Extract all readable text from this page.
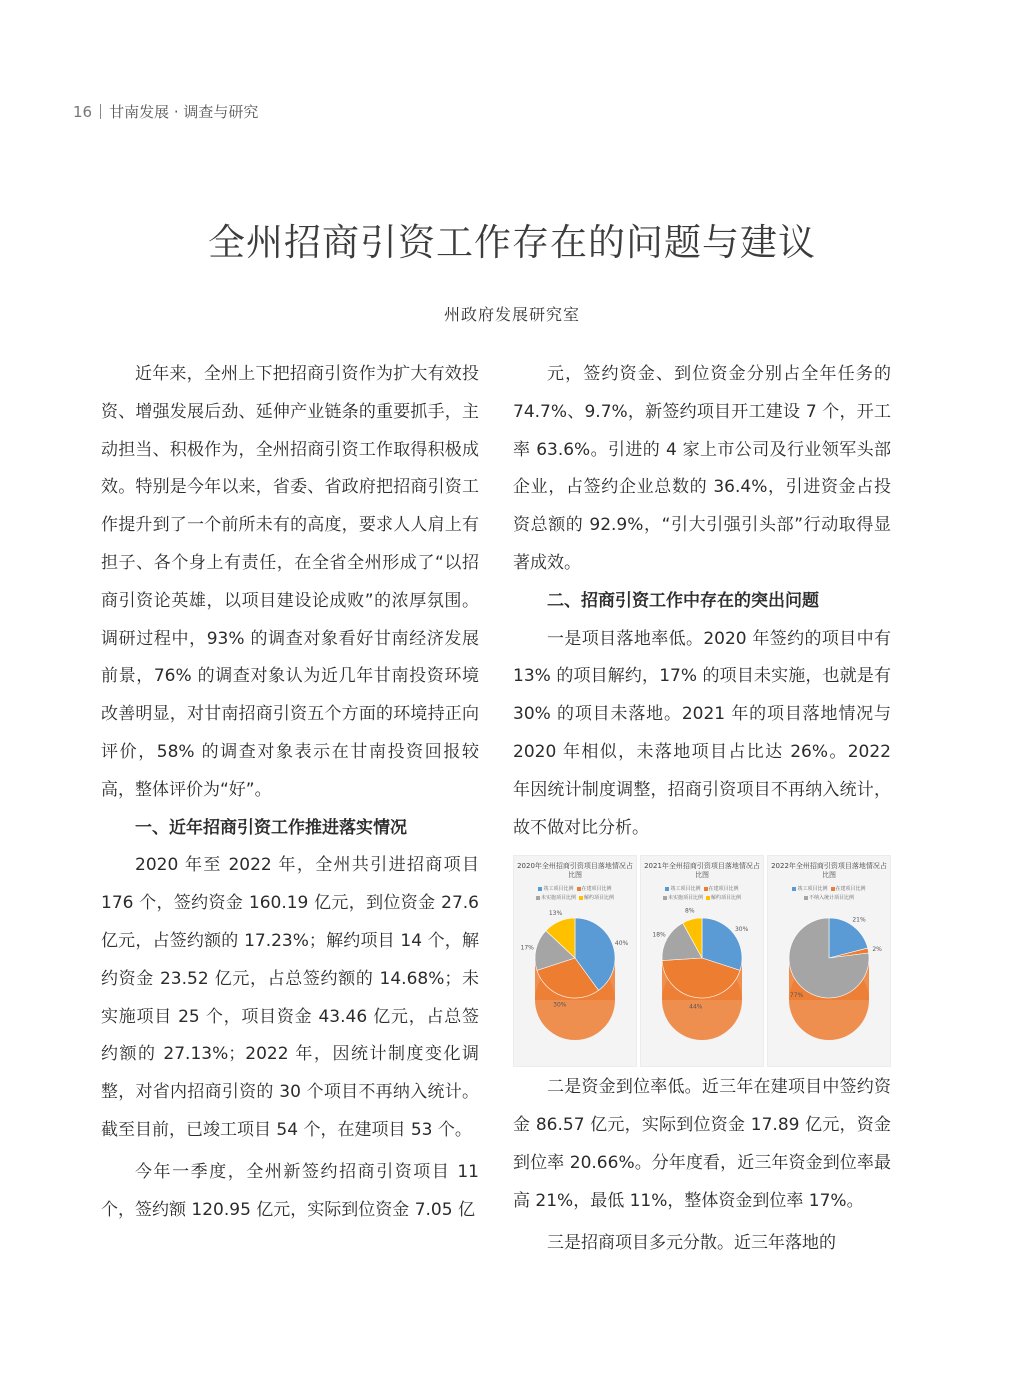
16 甘南发展 · 调查与研究
全州招商引资工作存在的问题与建议
州政府发展研究室

近年来，全州上下把招商引资作为扩大有效投资、增强发展后劲、延伸产业链条的重要抓手，主动担当、积极作为，全州招商引资工作取得积极成效。特别是今年以来，省委、省政府把招商引资工作提升到了一个前所未有的高度，要求人人肩上有担子、各个身上有责任，在全省全州形成了“以招商引资论英雄，以项目建设论成败”的浓厚氛围。调研过程中，93% 的调查对象看好甘南经济发展前景，76% 的调查对象认为近几年甘南投资环境改善明显，对甘南招商引资五个方面的环境持正向评价，58% 的调查对象表示在甘南投资回报较高，整体评价为“好”。

一、近年招商引资工作推进落实情况

2020 年至 2022 年，全州共引进招商项目 176 个，签约资金 160.19 亿元，到位资金 27.6 亿元，占签约额的 17.23%；解约项目 14 个，解约资金 23.52 亿元，占总签约额的 14.68%；未实施项目 25 个，项目资金 43.46 亿元，占总签约额的 27.13%；2022 年，因统计制度变化调整，对省内招商引资的 30 个项目不再纳入统计。截至目前，已竣工项目 54 个，在建项目 53 个。

今年一季度，全州新签约招商引资项目 11 个，签约额 120.95 亿元，实际到位资金 7.05 亿

元，签约资金、到位资金分别占全年任务的 74.7%、9.7%，新签约项目开工建设 7 个，开工率 63.6%。引进的 4 家上市公司及行业领军头部企业，占签约企业总数的 36.4%，引进资金占投资总额的 92.9%，“引大引强引头部”行动取得显著成效。

二、招商引资工作中存在的突出问题

一是项目落地率低。2020 年签约的项目中有 13% 的项目解约，17% 的项目未实施，也就是有 30% 的项目未落地。2021 年的项目落地情况与 2020 年相似，未落地项目占比达 26%。2022 年因统计制度调整，招商引资项目不再纳入统计，故不做对比分析。

2020年全州招商引资项目落地情况占比图
竣工项目比例 在建项目比例
未实施项目比例 解约项目比例
40%
30%
17%
13%
2021年全州招商引资项目落地情况占比图
竣工项目比例 在建项目比例
未实施项目比例 解约项目比例
30%
44%
18%
8%
2022年全州招商引资项目落地情况占比图
竣工项目比例 在建项目比例
不纳入统计项目比例
21%
2%
77%

二是资金到位率低。近三年在建项目中签约资金 86.57 亿元，实际到位资金 17.89 亿元，资金到位率 20.66%。分年度看，近三年资金到位率最高 21%，最低 11%，整体资金到位率 17%。

三是招商项目多元分散。近三年落地的
